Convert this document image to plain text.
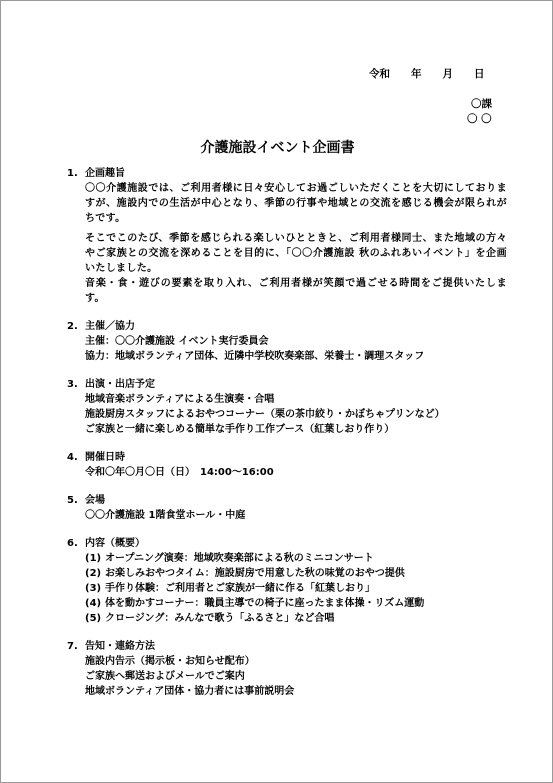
令和　　年　　月　　日
〇課
〇 〇
介護施設イベント企画書
1. 企画趣旨
〇〇介護施設では、ご利用者様に日々安心してお過ごしいただくことを大切にしておりますが、施設内での生活が中心となり、季節の行事や地域との交流を感じる機会が限られがちです。
そこでこのたび、季節を感じられる楽しいひとときと、ご利用者様同士、また地域の方々やご家族との交流を深めることを目的に、「〇〇介護施設 秋のふれあいイベント」を企画いたしました。
音楽・食・遊びの要素を取り入れ、ご利用者様が笑顔で過ごせる時間をご提供いたします。
2. 主催／協力
主催：〇〇介護施設 イベント実行委員会
協力：地域ボランティア団体、近隣中学校吹奏楽部、栄養士・調理スタッフ
3. 出演・出店予定
地域音楽ボランティアによる生演奏・合唱
施設厨房スタッフによるおやつコーナー（栗の茶巾絞り・かぼちゃプリンなど）
ご家族と一緒に楽しめる簡単な手作り工作ブース（紅葉しおり作り）
4. 開催日時
令和〇年〇月〇日（日）　14:00～16:00
5. 会場
〇〇介護施設 1階食堂ホール・中庭
6. 内容（概要）
(1) オープニング演奏：地域吹奏楽部による秋のミニコンサート
(2) お楽しみおやつタイム：施設厨房で用意した秋の味覚のおやつ提供
(3) 手作り体験：ご利用者とご家族が一緒に作る「紅葉しおり」
(4) 体を動かすコーナー：職員主導での椅子に座ったまま体操・リズム運動
(5) クロージング：みんなで歌う「ふるさと」など合唱
7. 告知・連絡方法
施設内告示（掲示板・お知らせ配布）
ご家族へ郵送およびメールでご案内
地域ボランティア団体・協力者には事前説明会
